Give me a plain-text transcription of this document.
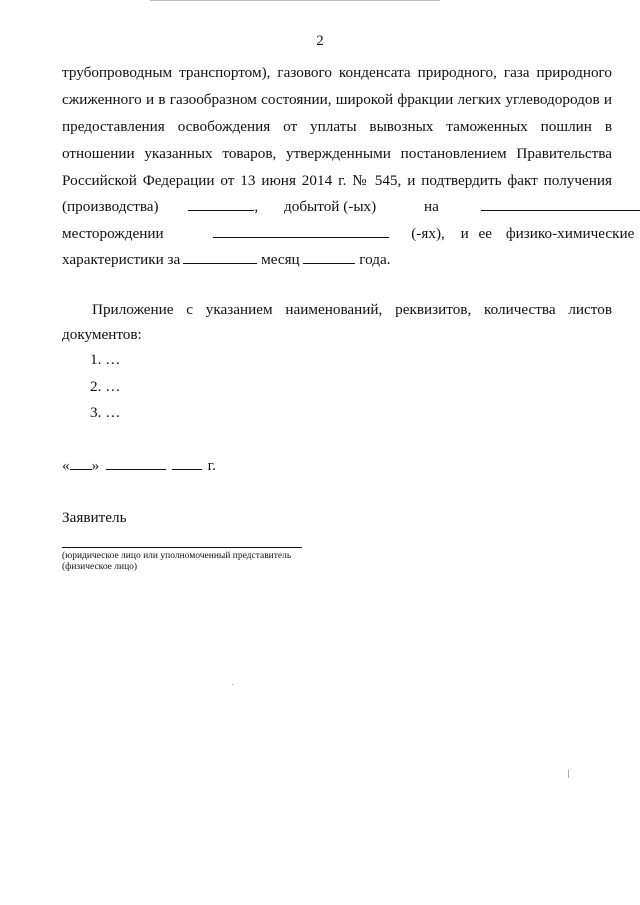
2
трубопроводным транспортом), газового конденсата природного, газа природного
сжиженного и в газообразном состоянии, широкой фракции легких углеводородов и
предоставления освобождения от уплаты вывозных таможенных пошлин в
отношении указанных товаров, утвержденными постановлением Правительства
Российской Федерации от 13 июня 2014 г. № 545, и подтвердить факт получения
(производства)	, добытой (-ых)	на
месторождении	(-ях), и ее физико-химические
характеристики за	месяц	года.
Приложение с указанием наименований, реквизитов, количества листов
документов:
1. …
2. …
3. …
« »	г.
Заявитель
(юридическое лицо или уполномоченный представитель
(физическое лицо)
